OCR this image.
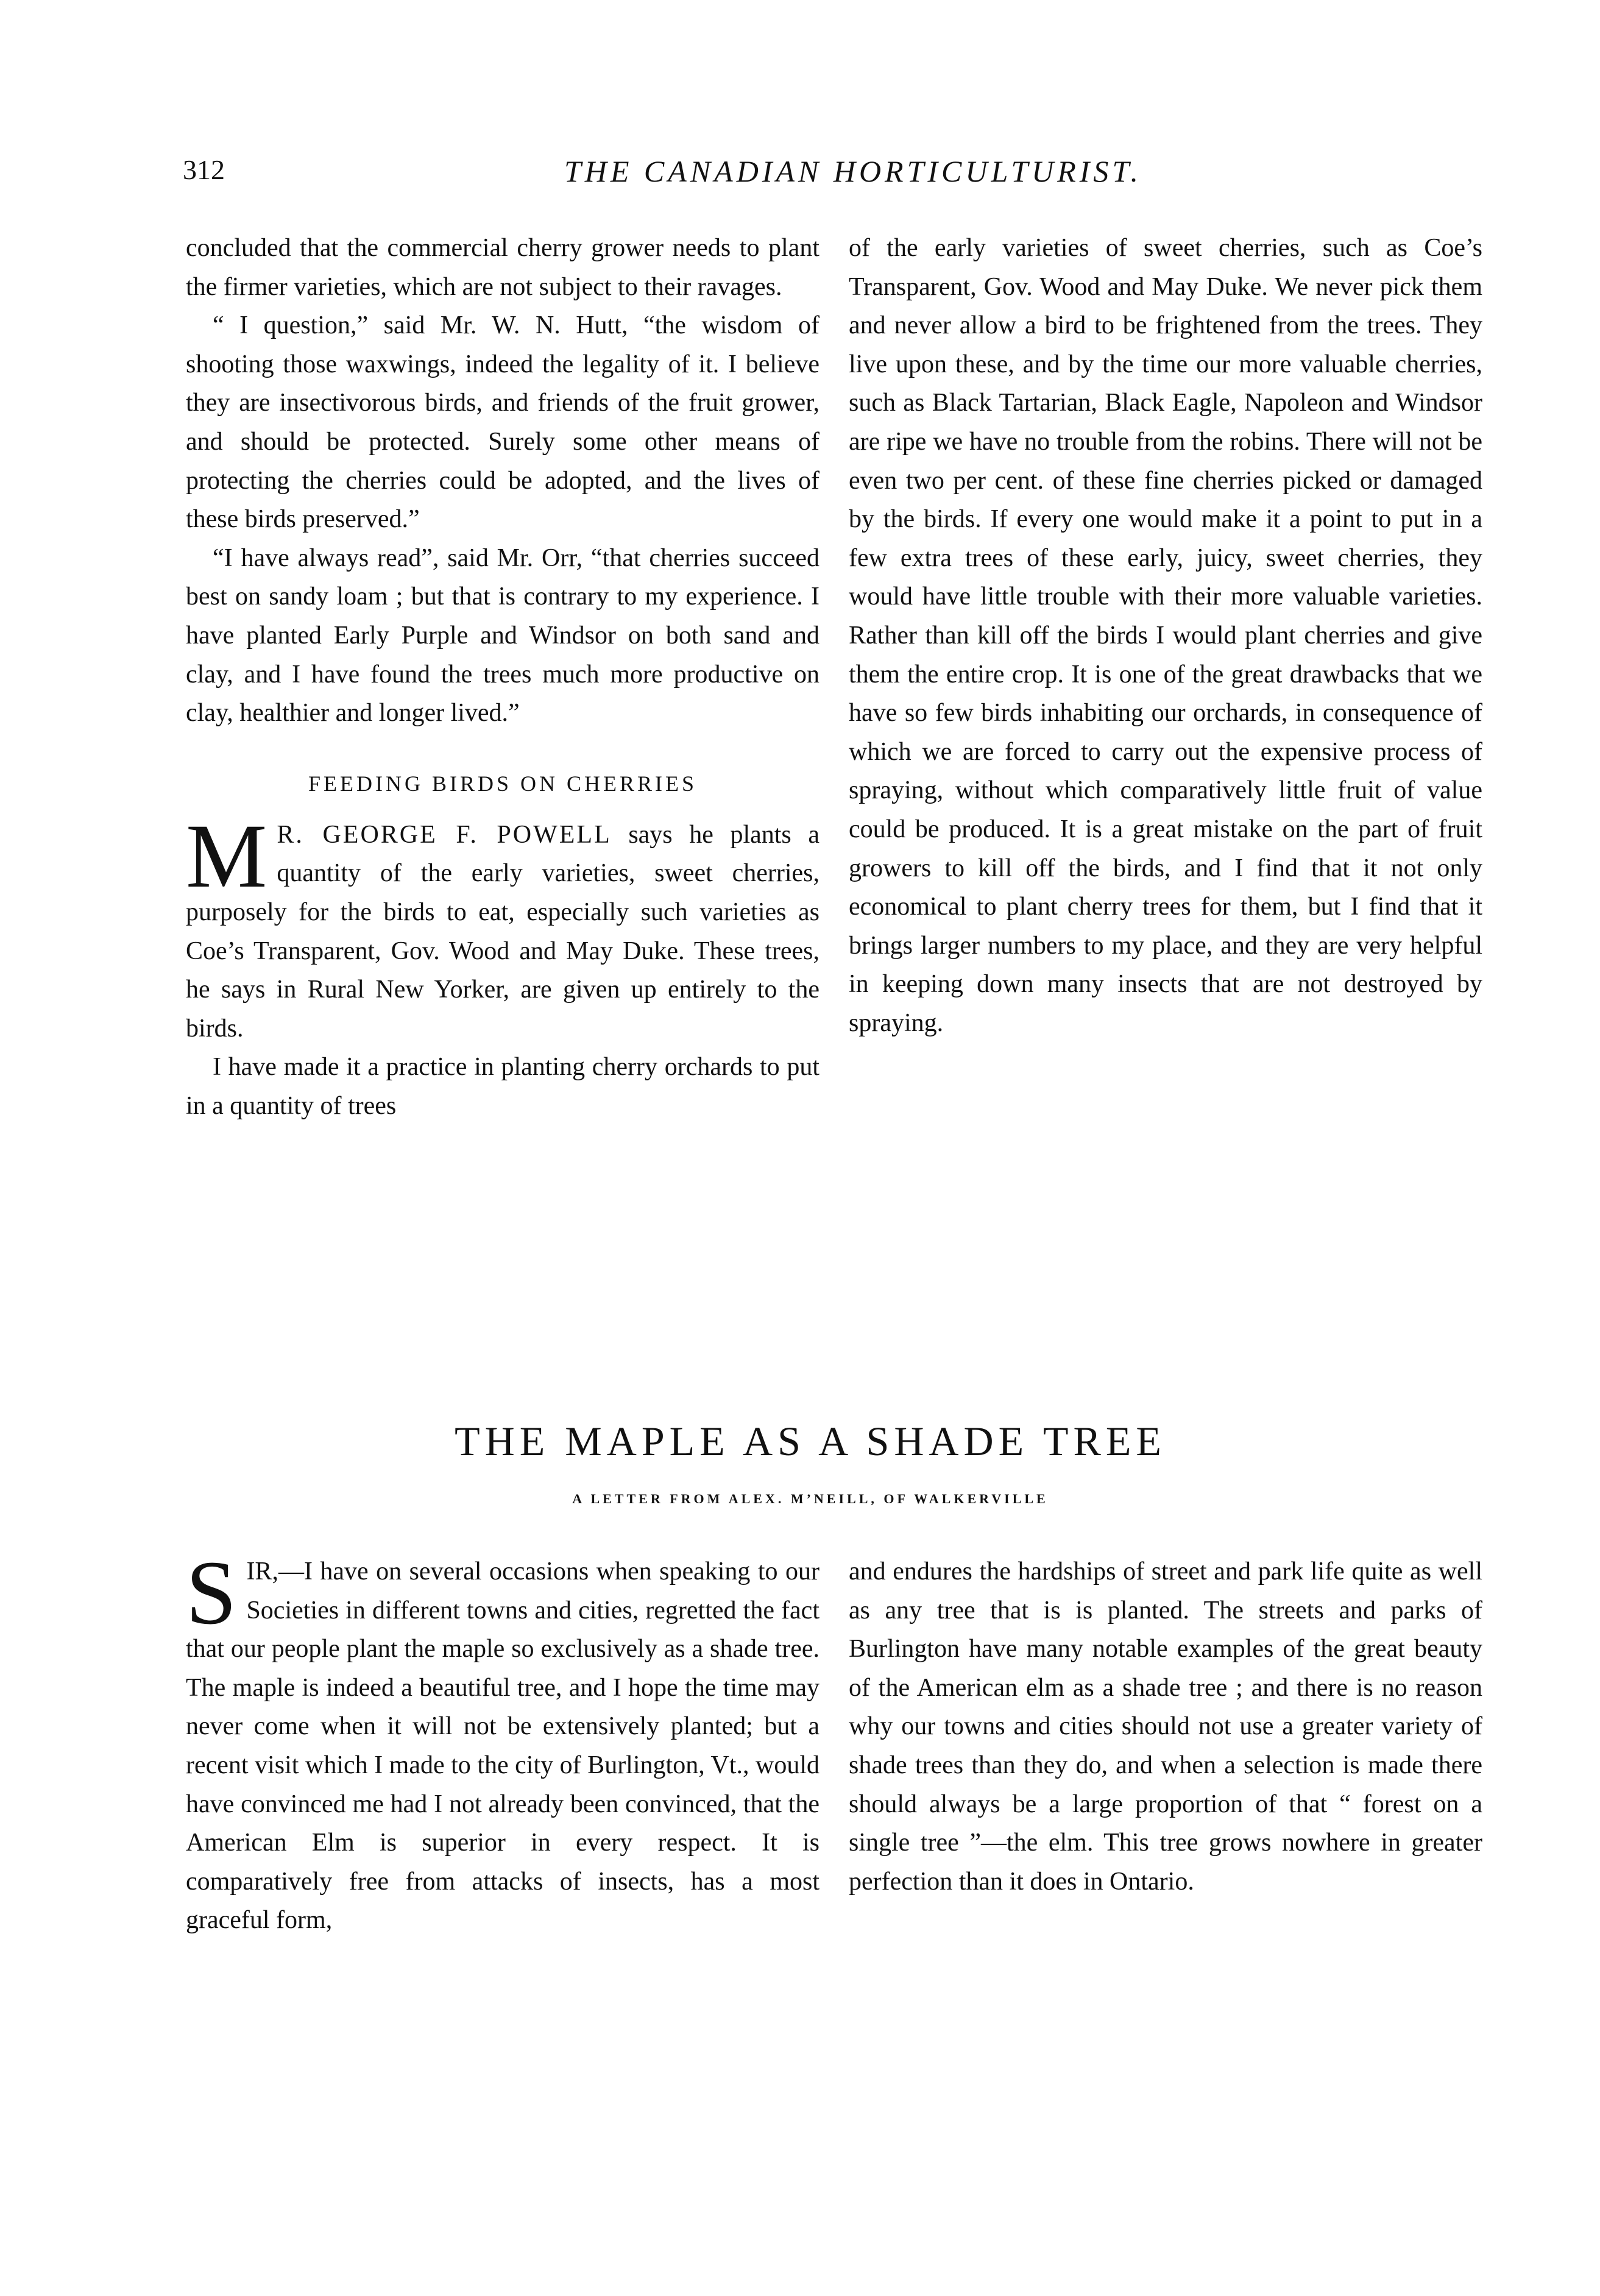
312	THE CANADIAN HORTICULTURIST.

concluded that the commercial cherry grower needs to plant the firmer varieties, which are not subject to their ravages.

“ I question,” said Mr. W. N. Hutt, “the wisdom of shooting those waxwings, indeed the legality of it. I believe they are insectivorous birds, and friends of the fruit grower, and should be protected. Surely some other means of protecting the cherries could be adopted, and the lives of these birds preserved.”

“I have always read”, said Mr. Orr, “that cherries succeed best on sandy loam ; but that is contrary to my experience. I have planted Early Purple and Windsor on both sand and clay, and I have found the trees much more productive on clay, healthier and longer lived.”

FEEDING BIRDS ON CHERRIES

M R. GEORGE F. POWELL says he plants a quantity of the early varieties, sweet cherries, purposely for the birds to eat, especially such varieties as Coe’s Transparent, Gov. Wood and May Duke. These trees, he says in Rural New Yorker, are given up entirely to the birds.

I have made it a practice in planting cherry orchards to put in a quantity of trees

of the early varieties of sweet cherries, such as Coe’s Transparent, Gov. Wood and May Duke. We never pick them and never allow a bird to be frightened from the trees. They live upon these, and by the time our more valuable cherries, such as Black Tartarian, Black Eagle, Napoleon and Windsor are ripe we have no trouble from the robins. There will not be even two per cent. of these fine cherries picked or damaged by the birds. If every one would make it a point to put in a few extra trees of these early, juicy, sweet cherries, they would have little trouble with their more valuable varieties. Rather than kill off the birds I would plant cherries and give them the entire crop. It is one of the great drawbacks that we have so few birds inhabiting our orchards, in consequence of which we are forced to carry out the expensive process of spraying, without which comparatively little fruit of value could be produced. It is a great mistake on the part of fruit growers to kill off the birds, and I find that it not only economical to plant cherry trees for them, but I find that it brings larger numbers to my place, and they are very helpful in keeping down many insects that are not destroyed by spraying.

THE MAPLE AS A SHADE TREE
A LETTER FROM ALEX. M’NEILL, OF WALKERVILLE

S IR,—I have on several occasions when speaking to our Societies in different towns and cities, regretted the fact that our people plant the maple so exclusively as a shade tree. The maple is indeed a beautiful tree, and I hope the time may never come when it will not be extensively planted; but a recent visit which I made to the city of Burlington, Vt., would have convinced me had I not already been convinced, that the American Elm is superior in every respect. It is comparatively free from attacks of insects, has a most graceful form,

and endures the hardships of street and park life quite as well as any tree that is is planted. The streets and parks of Burlington have many notable examples of the great beauty of the American elm as a shade tree ; and there is no reason why our towns and cities should not use a greater variety of shade trees than they do, and when a selection is made there should always be a large proportion of that “ forest on a single tree ”—the elm. This tree grows nowhere in greater perfection than it does in Ontario.
